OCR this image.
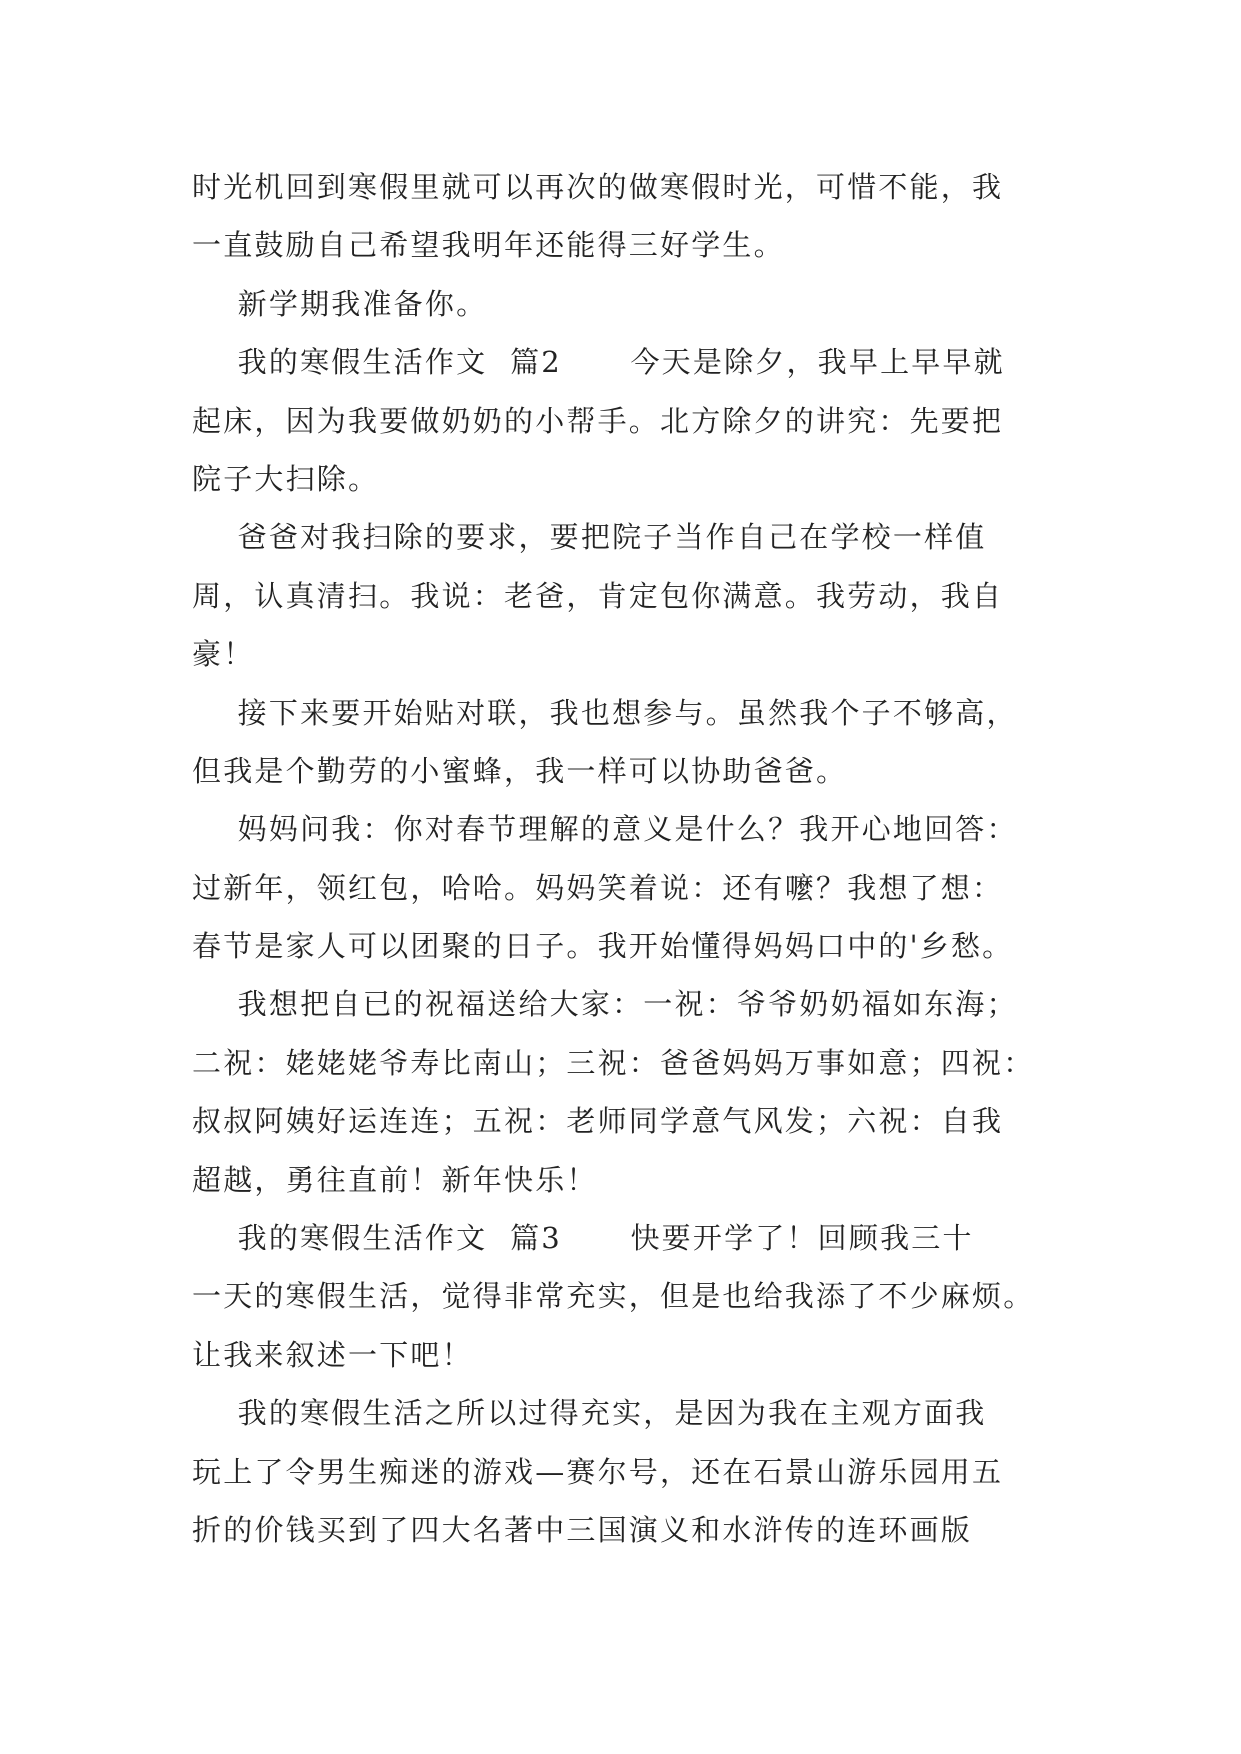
时光机回到寒假里就可以再次的做寒假时光，可惜不能，我
一直鼓励自己希望我明年还能得三好学生。
新学期我准备你。
我的寒假生活作文  篇2      今天是除夕，我早上早早就
起床，因为我要做奶奶的小帮手。北方除夕的讲究：先要把
院子大扫除。
爸爸对我扫除的要求，要把院子当作自己在学校一样值
周，认真清扫。我说：老爸，肯定包你满意。我劳动，我自
豪！
接下来要开始贴对联，我也想参与。虽然我个子不够高，
但我是个勤劳的小蜜蜂，我一样可以协助爸爸。
妈妈问我：你对春节理解的意义是什么？我开心地回答：
过新年，领红包，哈哈。妈妈笑着说：还有嚒？我想了想：
春节是家人可以团聚的日子。我开始懂得妈妈口中的'乡愁。
我想把自已的祝福送给大家：一祝：爷爷奶奶福如东海；
二祝：姥姥姥爷寿比南山；三祝：爸爸妈妈万事如意；四祝：
叔叔阿姨好运连连；五祝：老师同学意气风发；六祝：自我
超越，勇往直前！新年快乐！
我的寒假生活作文  篇3      快要开学了！回顾我三十
一天的寒假生活，觉得非常充实，但是也给我添了不少麻烦。
让我来叙述一下吧！
我的寒假生活之所以过得充实，是因为我在主观方面我
玩上了令男生痴迷的游戏—赛尔号，还在石景山游乐园用五
折的价钱买到了四大名著中三国演义和水浒传的连环画版
